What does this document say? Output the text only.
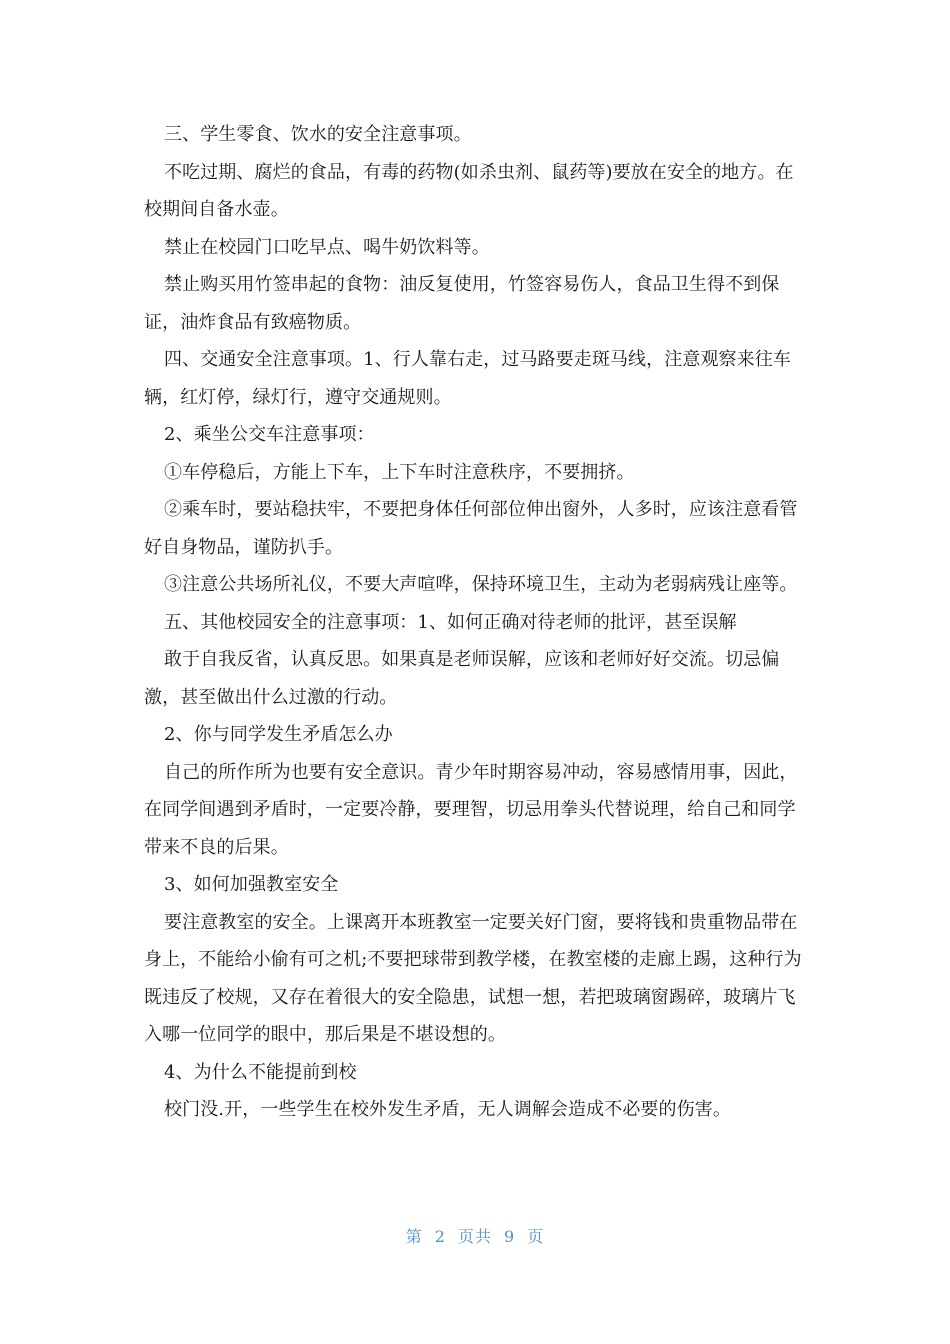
三、学生零食、饮水的安全注意事项。

不吃过期、腐烂的食品，有毒的药物(如杀虫剂、鼠药等)要放在安全的地方。在校期间自备水壶。

禁止在校园门口吃早点、喝牛奶饮料等。

禁止购买用竹签串起的食物：油反复使用，竹签容易伤人，食品卫生得不到保证，油炸食品有致癌物质。

四、交通安全注意事项。1、行人靠右走，过马路要走斑马线，注意观察来往车辆，红灯停，绿灯行，遵守交通规则。

2、乘坐公交车注意事项：

①车停稳后，方能上下车，上下车时注意秩序，不要拥挤。

②乘车时，要站稳扶牢，不要把身体任何部位伸出窗外，人多时，应该注意看管好自身物品，谨防扒手。

③注意公共场所礼仪，不要大声喧哗，保持环境卫生，主动为老弱病残让座等。

五、其他校园安全的注意事项：1、如何正确对待老师的批评，甚至误解

敢于自我反省，认真反思。如果真是老师误解，应该和老师好好交流。切忌偏激，甚至做出什么过激的行动。

2、你与同学发生矛盾怎么办

自己的所作所为也要有安全意识。青少年时期容易冲动，容易感情用事，因此，在同学间遇到矛盾时，一定要冷静，要理智，切忌用拳头代替说理，给自己和同学带来不良的后果。

3、如何加强教室安全

要注意教室的安全。上课离开本班教室一定要关好门窗，要将钱和贵重物品带在身上，不能给小偷有可之机;不要把球带到教学楼，在教室楼的走廊上踢，这种行为既违反了校规，又存在着很大的安全隐患，试想一想，若把玻璃窗踢碎，玻璃片飞入哪一位同学的眼中，那后果是不堪设想的。

4、为什么不能提前到校

校门没.开，一些学生在校外发生矛盾，无人调解会造成不必要的伤害。

第 2 页共 9 页
